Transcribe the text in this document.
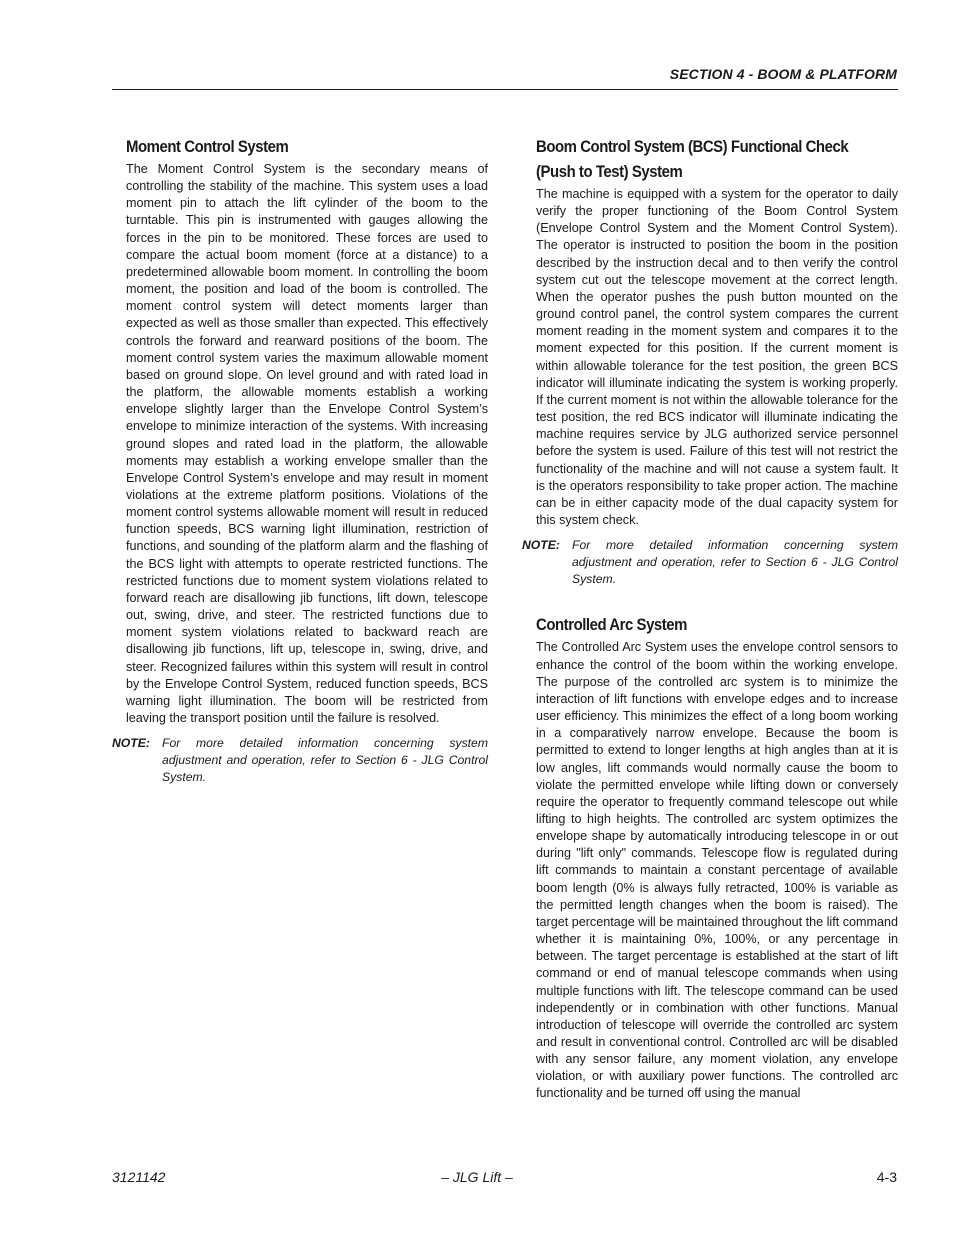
SECTION 4 - BOOM & PLATFORM
Moment Control System

The Moment Control System is the secondary means of controlling the stability of the machine. This system uses a load moment pin to attach the lift cylinder of the boom to the turntable. This pin is instrumented with gauges allowing the forces in the pin to be monitored. These forces are used to compare the actual boom moment (force at a distance) to a predetermined allowable boom moment. In controlling the boom moment, the position and load of the boom is controlled. The moment control system will detect moments larger than expected as well as those smaller than expected. This effectively controls the forward and rearward positions of the boom. The moment control system varies the maximum allowable moment based on ground slope. On level ground and with rated load in the platform, the allowable moments establish a working envelope slightly larger than the Envelope Control System’s envelope to minimize interaction of the systems. With increasing ground slopes and rated load in the platform, the allowable moments may establish a working envelope smaller than the Envelope Control System’s envelope and may result in moment violations at the extreme platform positions. Violations of the moment control systems allowable moment will result in reduced function speeds, BCS warning light illumination, restriction of functions, and sounding of the platform alarm and the flashing of the BCS light with attempts to operate restricted functions. The restricted functions due to moment system violations related to forward reach are disallowing jib functions, lift down, telescope out, swing, drive, and steer. The restricted functions due to moment system violations related to backward reach are disallowing jib functions, lift up, telescope in, swing, drive, and steer. Recognized failures within this system will result in control by the Envelope Control System, reduced function speeds, BCS warning light illumination. The boom will be restricted from leaving the transport position until the failure is resolved.

NOTE: For more detailed information concerning system adjustment and operation, refer to Section 6 - JLG Control System.
Boom Control System (BCS) Functional Check
(Push to Test) System

The machine is equipped with a system for the operator to daily verify the proper functioning of the Boom Control System (Envelope Control System and the Moment Control System). The operator is instructed to position the boom in the position described by the instruction decal and to then verify the control system cut out the telescope movement at the correct length. When the operator pushes the push button mounted on the ground control panel, the control system compares the current moment reading in the moment system and compares it to the moment expected for this position. If the current moment is within allowable tolerance for the test position, the green BCS indicator will illuminate indicating the system is working properly. If the current moment is not within the allowable tolerance for the test position, the red BCS indicator will illuminate indicating the machine requires service by JLG authorized service personnel before the system is used. Failure of this test will not restrict the functionality of the machine and will not cause a system fault. It is the operators responsibility to take proper action. The machine can be in either capacity mode of the dual capacity system for this system check.

NOTE: For more detailed information concerning system adjustment and operation, refer to Section 6 - JLG Control System.
Controlled Arc System

The Controlled Arc System uses the envelope control sensors to enhance the control of the boom within the working envelope. The purpose of the controlled arc system is to minimize the interaction of lift functions with envelope edges and to increase user efficiency. This minimizes the effect of a long boom working in a comparatively narrow envelope. Because the boom is permitted to extend to longer lengths at high angles than at it is low angles, lift commands would normally cause the boom to violate the permitted envelope while lifting down or conversely require the operator to frequently command telescope out while lifting to high heights. The controlled arc system optimizes the envelope shape by automatically introducing telescope in or out during "lift only" commands. Telescope flow is regulated during lift commands to maintain a constant percentage of available boom length (0% is always fully retracted, 100% is variable as the permitted length changes when the boom is raised). The target percentage will be maintained throughout the lift command whether it is maintaining 0%, 100%, or any percentage in between. The target percentage is established at the start of lift command or end of manual telescope commands when using multiple functions with lift. The telescope command can be used independently or in combination with other functions. Manual introduction of telescope will override the controlled arc system and result in conventional control. Controlled arc will be disabled with any sensor failure, any moment violation, any envelope violation, or with auxiliary power functions. The controlled arc functionality and be turned off using the manual

3121142	– JLG Lift –	4-3
